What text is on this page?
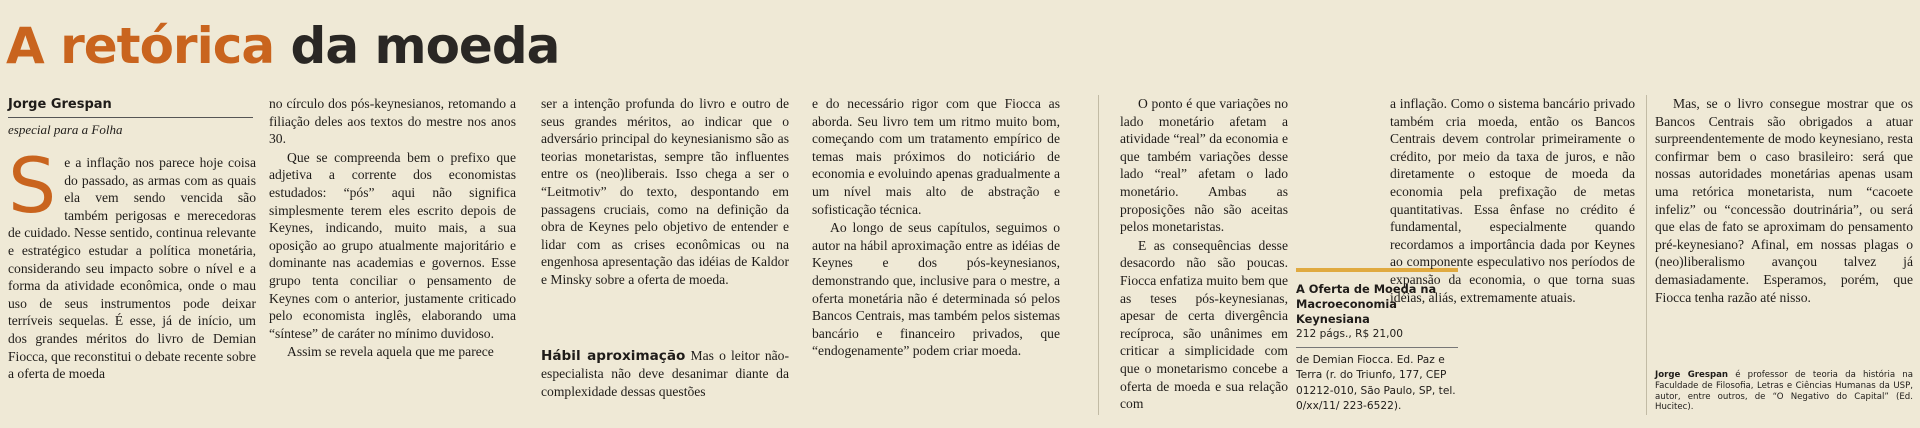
A retórica da moeda
Jorge Grespan
especial para a Folha

Se a inflação nos parece hoje coisa do passado, as armas com as quais ela vem sendo vencida são também perigosas e merecedoras de cuidado. Nesse sentido, continua relevante e estratégico estudar a política monetária, considerando seu impacto sobre o nível e a forma da atividade econômica, onde o mau uso de seus instrumentos pode deixar terríveis sequelas. É esse, já de início, um dos grandes méritos do livro de Demian Fiocca, que reconstitui o debate recente sobre a oferta de moeda

no círculo dos pós-keynesianos, retomando a filiação deles aos textos do mestre nos anos 30.

Que se compreenda bem o prefixo que adjetiva a corrente dos economistas estudados: “pós” aqui não significa simplesmente terem eles escrito depois de Keynes, indicando, muito mais, a sua oposição ao grupo atualmente majoritário e dominante nas academias e governos. Esse grupo tenta conciliar o pensamento de Keynes com o anterior, justamente criticado pelo economista inglês, elaborando uma “síntese” de caráter no mínimo duvidoso.

Assim se revela aquela que me parece

ser a intenção profunda do livro e outro de seus grandes méritos, ao indicar que o adversário principal do keynesianismo são as teorias monetaristas, sempre tão influentes entre os (neo)liberais. Isso chega a ser o “Leitmotiv” do texto, despontando em passagens cruciais, como na definição da obra de Keynes pelo objetivo de entender e lidar com as crises econômicas ou na engenhosa apresentação das idéias de Kaldor e Minsky sobre a oferta de moeda.

Hábil aproximação Mas o leitor não-especialista não deve desanimar diante da complexidade dessas questões

e do necessário rigor com que Fiocca as aborda. Seu livro tem um ritmo muito bom, começando com um tratamento empírico de temas mais próximos do noticiário de economia e evoluindo apenas gradualmente a um nível mais alto de abstração e sofisticação técnica.

Ao longo de seus capítulos, seguimos o autor na hábil aproximação entre as idéias de Keynes e dos pós-keynesianos, demonstrando que, inclusive para o mestre, a oferta monetária não é determinada só pelos Bancos Centrais, mas também pelos sistemas bancário e financeiro privados, que “endogenamente” podem criar moeda.

O ponto é que variações no lado monetário afetam a atividade “real” da economia e que também variações desse lado “real” afetam o lado monetário. Ambas as proposições não são aceitas pelos monetaristas.

E as consequências desse desacordo não são poucas. Fiocca enfatiza muito bem que as teses pós-keynesianas, apesar de certa divergência recíproca, são unânimes em criticar a simplicidade com que o monetarismo concebe a oferta de moeda e sua relação com

A Oferta de Moeda na Macroeconomia Keynesiana
212 págs., R$ 21,00
de Demian Fiocca. Ed. Paz e Terra (r. do Triunfo, 177, CEP 01212-010, São Paulo, SP, tel. 0/xx/11/ 223-6522).

a inflação. Como o sistema bancário privado também cria moeda, então os Bancos Centrais devem controlar primeiramente o crédito, por meio da taxa de juros, e não diretamente o estoque de moeda da economia pela prefixação de metas quantitativas. Essa ênfase no crédito é fundamental, especialmente quando recordamos a importância dada por Keynes ao componente especulativo nos períodos de expansão da economia, o que torna suas idéias, aliás, extremamente atuais.

Mas, se o livro consegue mostrar que os Bancos Centrais são obrigados a atuar surpreendentemente de modo keynesiano, resta confirmar bem o caso brasileiro: será que nossas autoridades monetárias apenas usam uma retórica monetarista, num “cacoete infeliz” ou “concessão doutrinária”, ou será que elas de fato se aproximam do pensamento pré-keynesiano? Afinal, em nossas plagas o (neo)liberalismo avançou talvez já demasiadamente. Esperamos, porém, que Fiocca tenha razão até nisso.

Jorge Grespan é professor de teoria da história na Faculdade de Filosofia, Letras e Ciências Humanas da USP, autor, entre outros, de “O Negativo do Capital” (Ed. Hucitec).
